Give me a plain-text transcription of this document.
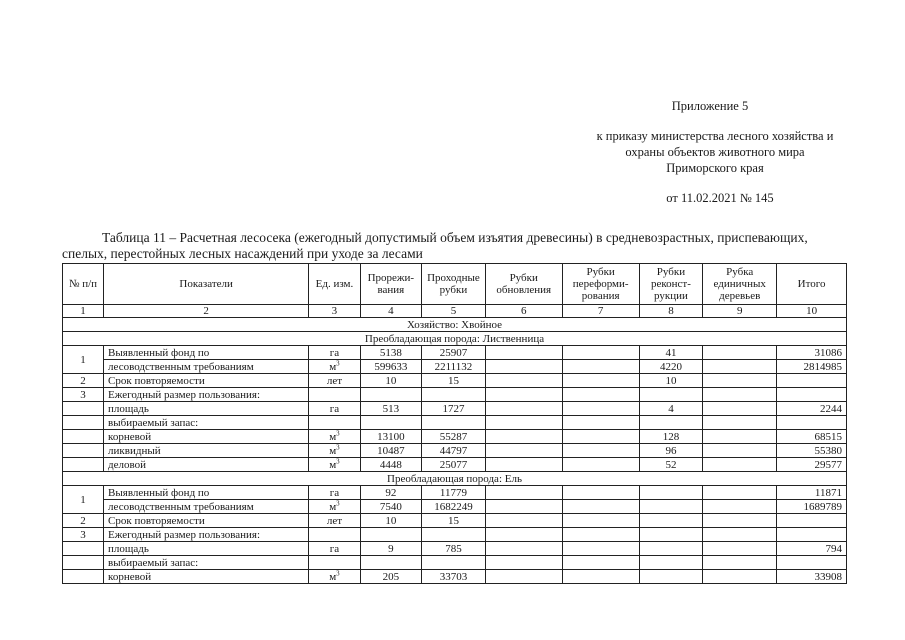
Приложение 5
к приказу министерства лесного хозяйства и
охраны объектов животного мира
Приморского края
от 11.02.2021 № 145
Таблица 11 – Расчетная лесосека (ежегодный допустимый объем изъятия древесины) в средневозрастных, приспевающих, спелых, перестойных лесных насаждений при уходе за лесами
№ п/п	Показатели	Ед. изм.	Прорежи-вания	Проходные рубки	Рубки обновления	Рубки переформи-рования	Рубки реконст-рукции	Рубка единичных деревьев	Итого
1	2	3	4	5	6	7	8	9	10
Хозяйство: Хвойное									
Преобладающая порода: Лиственница									
1	Выявленный фонд по	га	5138	25907			41		31086
	лесоводственным требованиям	$м^3$	599633	2211132			4220		2814985
2	Срок повторяемости	лет	10	15			10		
3	Ежегодный размер пользования:								
	площадь	га	513	1727			4		2244
	выбираемый запас:								
	корневой	$м^3$	13100	55287			128		68515
	ликвидный	$м^3$	10487	44797			96		55380
	деловой	$м^3$	4448	25077			52		29577
Преобладающая порода: Ель									
1	Выявленный фонд по	га	92	11779					11871
	лесоводственным требованиям	$м^3$	7540	1682249					1689789
2	Срок повторяемости	лет	10	15					
3	Ежегодный размер пользования:								
	площадь	га	9	785					794
	выбираемый запас:								
	корневой	$м^3$	205	33703					33908
